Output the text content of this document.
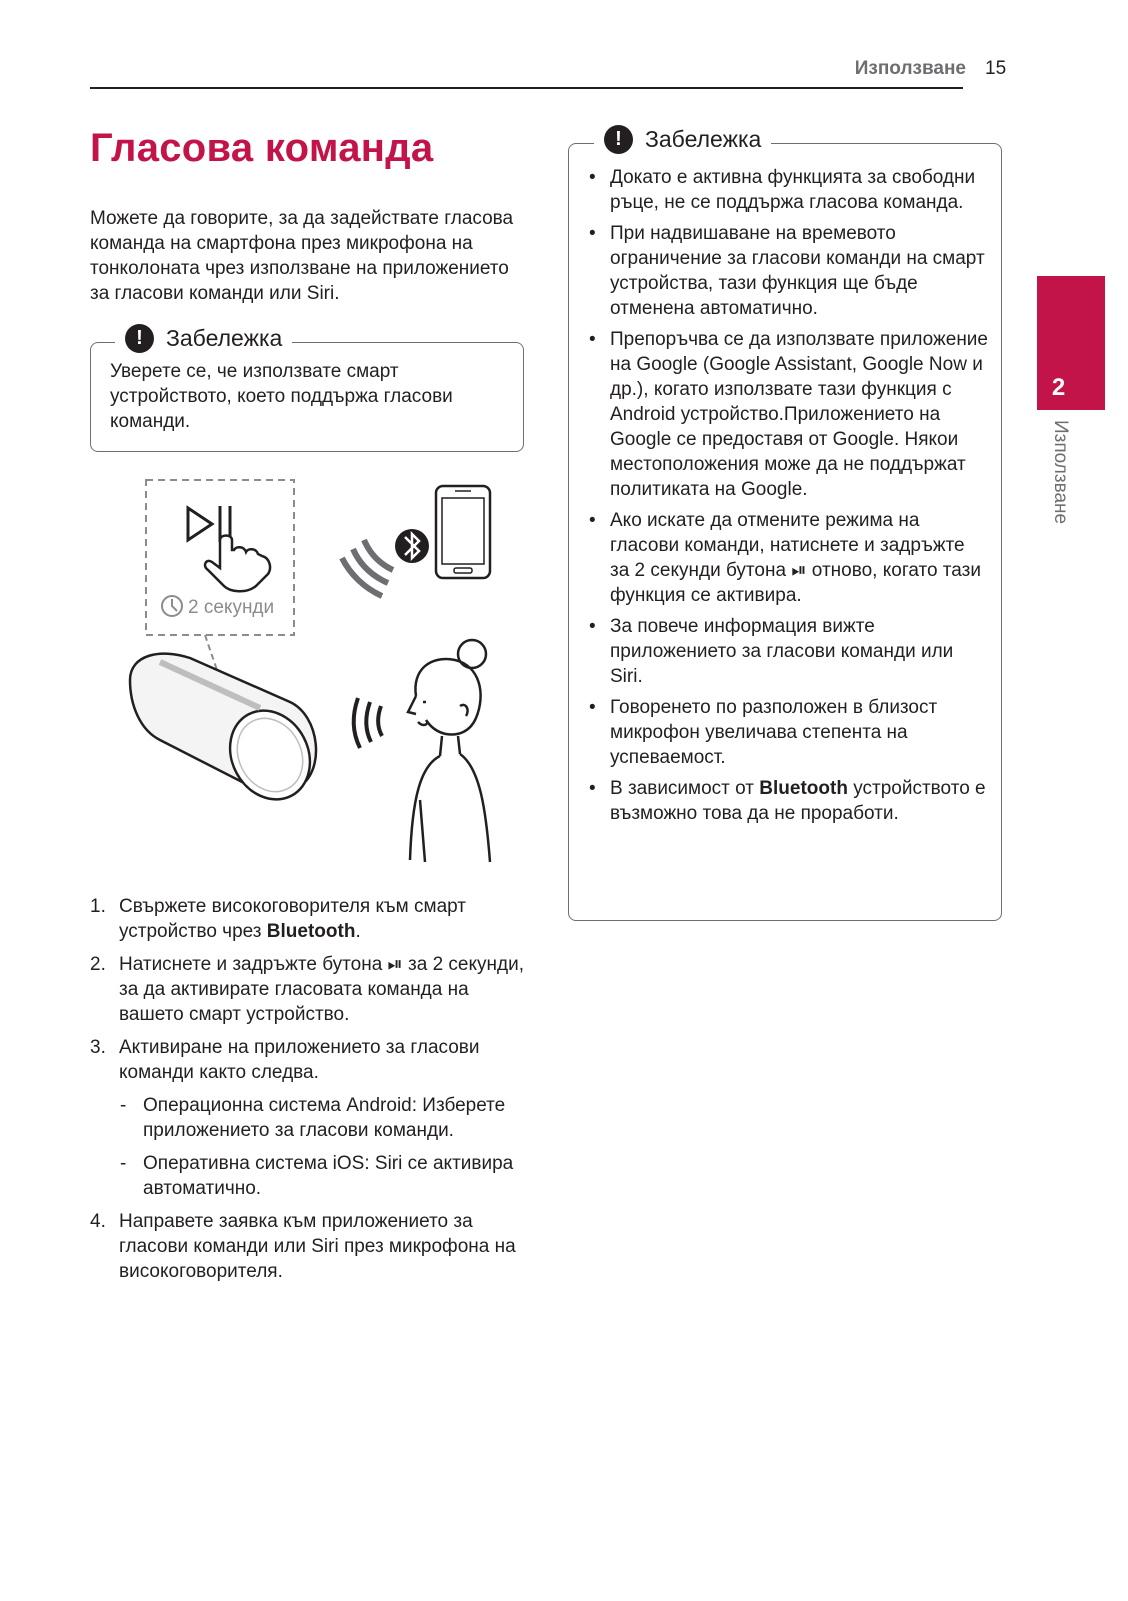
Използване 15
Гласова команда
Можете да говорите, за да задействате гласова команда на смартфона през микрофона на тонколоната чрез използване на приложението за гласови команди или Siri.
!	Забележка
Уверете се, че използвате смарт устройството, което поддържа гласови команди.
2 секунди
1. Свържете високоговорителя към смарт устройство чрез Bluetooth.
2. Натиснете и задръжте бутона ⏯ за 2 секунди, за да активирате гласовата команда на вашето смарт устройство.
3. Активиране на приложението за гласови команди както следва.
- Операционна система Android: Изберете приложението за гласови команди.
- Оперативна система iOS: Siri се активира автоматично.
4. Направете заявка към приложението за гласови команди или Siri през микрофона на високоговорителя.
!	Забележка
• Докато е активна функцията за свободни ръце, не се поддържа гласова команда.
• При надвишаване на времевото ограничение за гласови команди на смарт устройства, тази функция ще бъде отменена автоматично.
• Препоръчва се да използвате приложение на Google (Google Assistant, Google Now и др.), когато използвате тази функция с Android устройство.Приложението на Google се предоставя от Google. Някои местоположения може да не поддържат политиката на Google.
• Ако искате да отмените режима на гласови команди, натиснете и задръжте за 2 секунди бутона ⏯ отново, когато тази функция се активира.
• За повече информация вижте приложението за гласови команди или Siri.
• Говоренето по разположен в близост микрофон увеличава степента на успеваемост.
• В зависимост от Bluetooth устройството е възможно това да не проработи.
2
Използване
